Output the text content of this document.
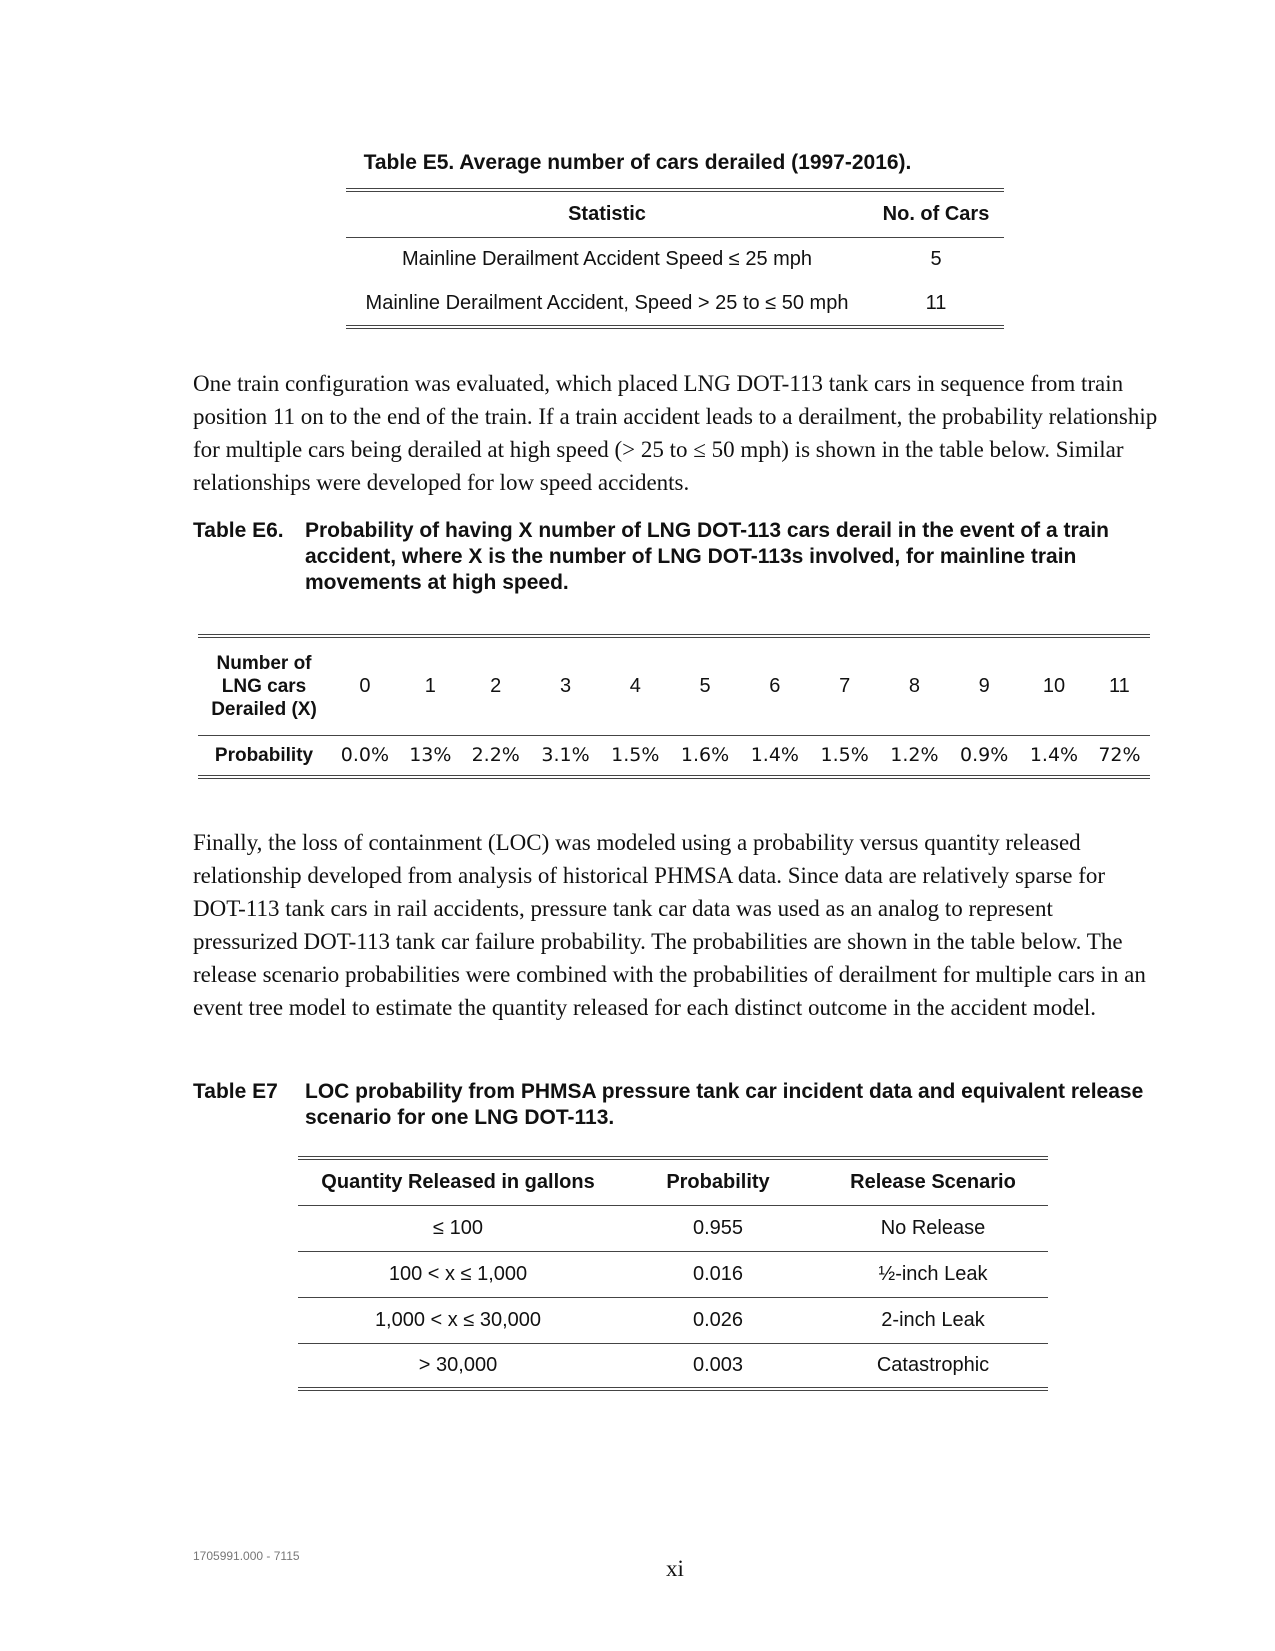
Table E5. Average number of cars derailed (1997-2016).
Statistic	No. of Cars
Mainline Derailment Accident Speed ≤ 25 mph	5
Mainline Derailment Accident, Speed > 25 to ≤ 50 mph	11

One train configuration was evaluated, which placed LNG DOT-113 tank cars in sequence from train position 11 on to the end of the train. If a train accident leads to a derailment, the probability relationship for multiple cars being derailed at high speed (> 25 to ≤ 50 mph) is shown in the table below. Similar relationships were developed for low speed accidents.

Table E6.	Probability of having X number of LNG DOT-113 cars derail in the event of a train accident, where X is the number of LNG DOT-113s involved, for mainline train movements at high speed.
Number of LNG cars Derailed (X)	0	1	2	3	4	5	6	7	8	9	10	11
Probability	0.0%	13%	2.2%	3.1%	1.5%	1.6%	1.4%	1.5%	1.2%	0.9%	1.4%	72%

Finally, the loss of containment (LOC) was modeled using a probability versus quantity released relationship developed from analysis of historical PHMSA data. Since data are relatively sparse for DOT-113 tank cars in rail accidents, pressure tank car data was used as an analog to represent pressurized DOT-113 tank car failure probability. The probabilities are shown in the table below. The release scenario probabilities were combined with the probabilities of derailment for multiple cars in an event tree model to estimate the quantity released for each distinct outcome in the accident model.

Table E7	LOC probability from PHMSA pressure tank car incident data and equivalent release scenario for one LNG DOT-113.
Quantity Released in gallons	Probability	Release Scenario
≤ 100	0.955	No Release
100 < x ≤ 1,000	0.016	½-inch Leak
1,000 < x ≤ 30,000	0.026	2-inch Leak
> 30,000	0.003	Catastrophic
1705991.000 - 7115	xi
